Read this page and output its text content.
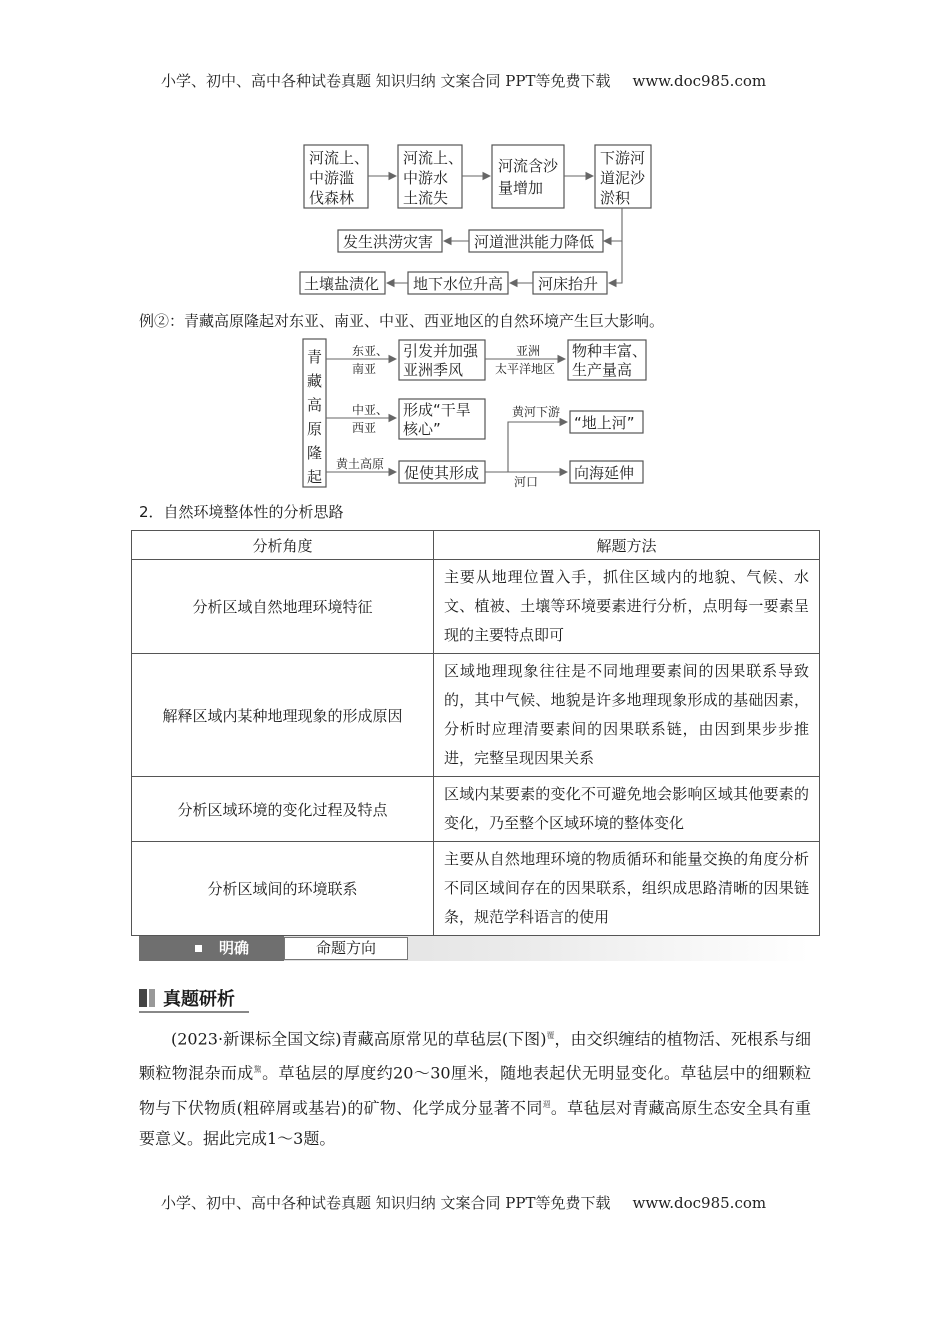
小学、初中、高中各种试卷真题 知识归纳 文案合同 PPT等免费下载 www.doc985.com
河流上、
中游滥
伐森林
河流上、
中游水
土流失
河流含沙
量增加
下游河
道泥沙
淤积
河道泄洪能力降低
发生洪涝灾害
河床抬升
地下水位升高
土壤盐渍化
例②：青藏高原隆起对东亚、南亚、中亚、西亚地区的自然环境产生巨大影响。
青
藏
高
原
隆
起
东亚、
南亚
引发并加强
亚洲季风
亚洲
太平洋地区
物种丰富、
生产量高
中亚、
西亚
形成“干旱
核心”
黄土高原 促使其形成
黄河下游
河口
“地上河”
向海延伸
2．自然环境整体性的分析思路
分析角度	解题方法
分析区域自然地理环境特征	主要从地理位置入手，抓住区域内的地貌、气候、水文、植被、土壤等环境要素进行分析，点明每一要素呈现的主要特点即可
解释区域内某种地理现象的形成原因	区域地理现象往往是不同地理要素间的因果联系导致的，其中气候、地貌是许多地理现象形成的基础因素，分析时应理清要素间的因果联系链，由因到果步步推进，完整呈现因果关系
分析区域环境的变化过程及特点	区域内某要素的变化不可避免地会影响区域其他要素的变化，乃至整个区域环境的整体变化
分析区域间的环境联系	主要从自然地理环境的物质循环和能量交换的角度分析不同区域间存在的因果联系，组织成思路清晰的因果链条，规范学科语言的使用
明确	命题方向
真题研析
(2023·新课标全国文综)青藏高原常见的草毡层(下图)$^覆$，由交织缠结的植物活、死根系与细颗粒物混杂而成$^黧$。草毡层的厚度约20～30厘米，随地表起伏无明显变化。草毡层中的细颗粒物与下伏物质(粗碎屑或基岩)的矿物、化学成分显著不同$^週$。草毡层对青藏高原生态安全具有重要意义。据此完成1～3题。
小学、初中、高中各种试卷真题 知识归纳 文案合同 PPT等免费下载 www.doc985.com
